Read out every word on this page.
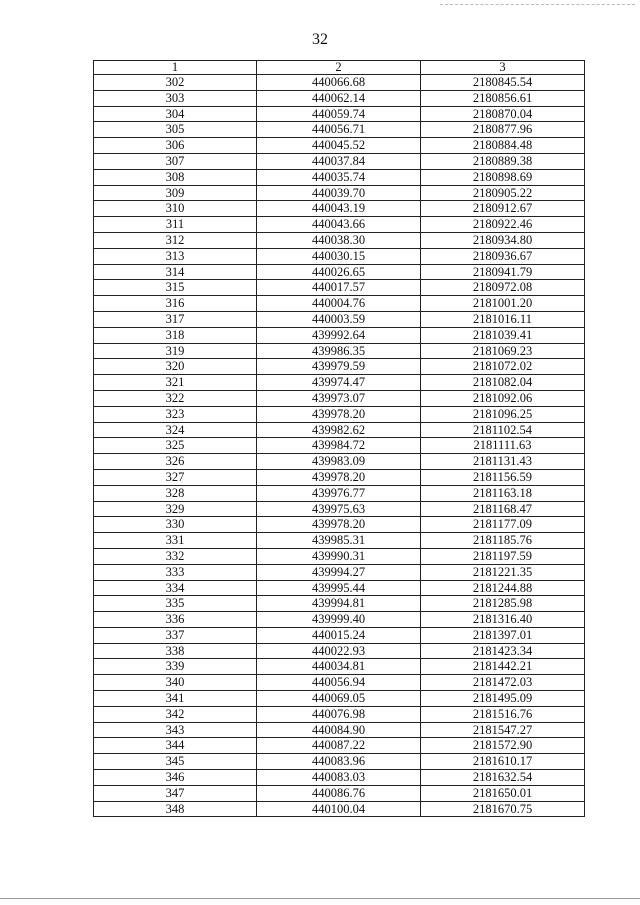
32
1	2	3
302	440066.68	2180845.54
303	440062.14	2180856.61
304	440059.74	2180870.04
305	440056.71	2180877.96
306	440045.52	2180884.48
307	440037.84	2180889.38
308	440035.74	2180898.69
309	440039.70	2180905.22
310	440043.19	2180912.67
311	440043.66	2180922.46
312	440038.30	2180934.80
313	440030.15	2180936.67
314	440026.65	2180941.79
315	440017.57	2180972.08
316	440004.76	2181001.20
317	440003.59	2181016.11
318	439992.64	2181039.41
319	439986.35	2181069.23
320	439979.59	2181072.02
321	439974.47	2181082.04
322	439973.07	2181092.06
323	439978.20	2181096.25
324	439982.62	2181102.54
325	439984.72	2181111.63
326	439983.09	2181131.43
327	439978.20	2181156.59
328	439976.77	2181163.18
329	439975.63	2181168.47
330	439978.20	2181177.09
331	439985.31	2181185.76
332	439990.31	2181197.59
333	439994.27	2181221.35
334	439995.44	2181244.88
335	439994.81	2181285.98
336	439999.40	2181316.40
337	440015.24	2181397.01
338	440022.93	2181423.34
339	440034.81	2181442.21
340	440056.94	2181472.03
341	440069.05	2181495.09
342	440076.98	2181516.76
343	440084.90	2181547.27
344	440087.22	2181572.90
345	440083.96	2181610.17
346	440083.03	2181632.54
347	440086.76	2181650.01
348	440100.04	2181670.75
